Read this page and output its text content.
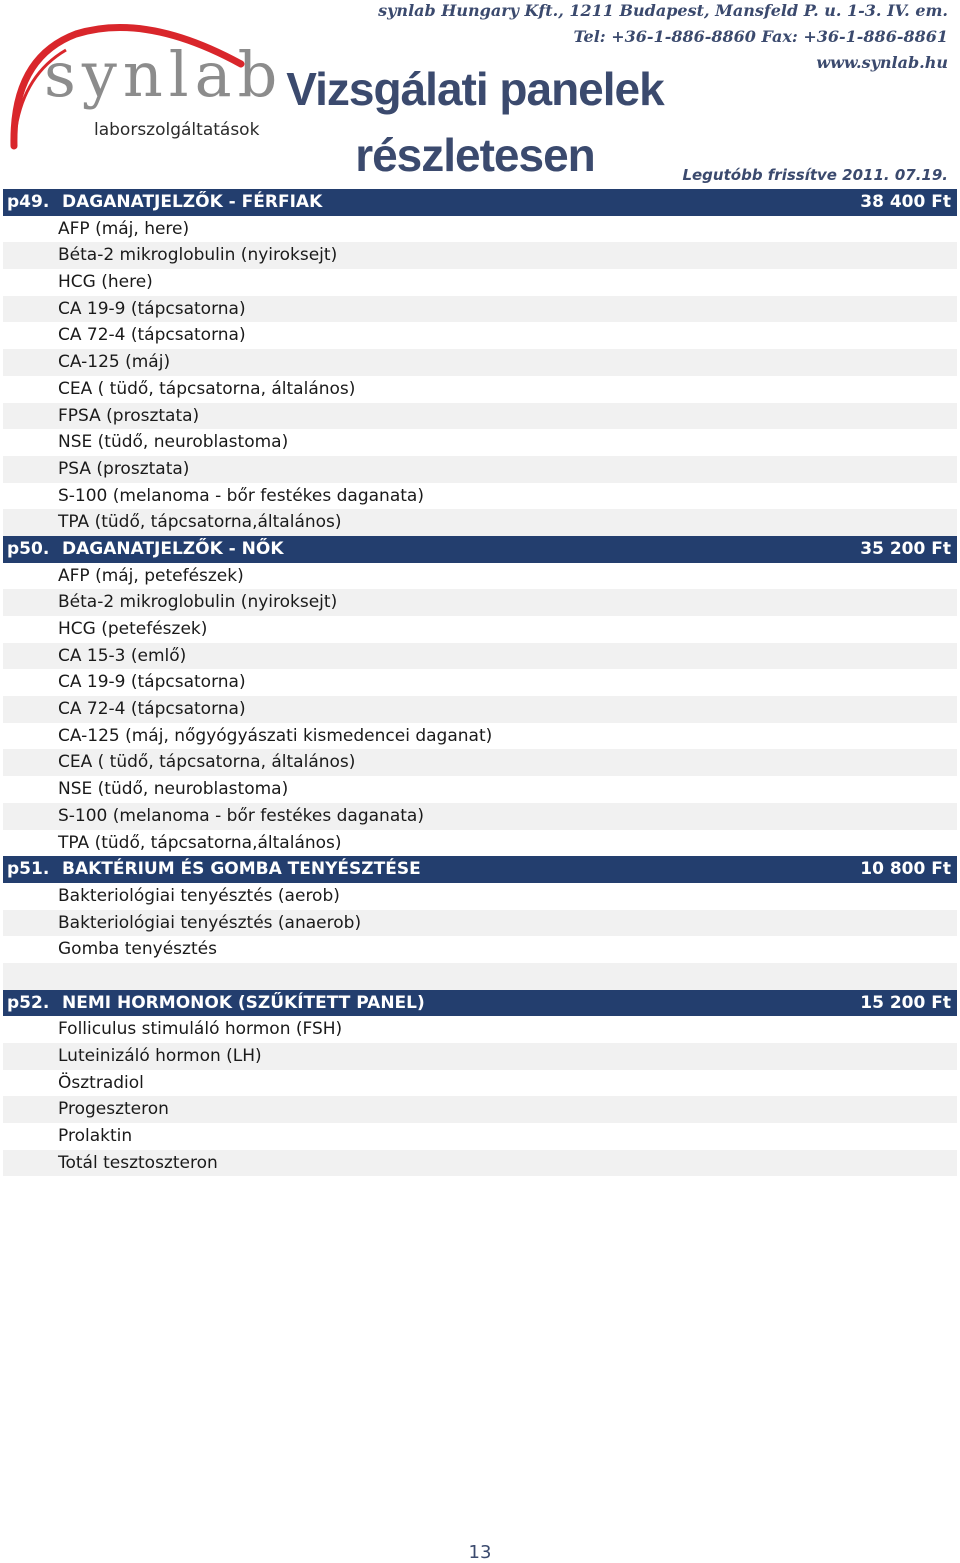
synlab
laborszolgáltatások
Vizsgálati panelek
részletesen
synlab Hungary Kft., 1211 Budapest, Mansfeld P. u. 1-3. IV. em.
Tel: +36-1-886-8860 Fax: +36-1-886-8861
www.synlab.hu
Legutóbb frissítve 2011. 07.19.
p49. DAGANATJELZŐK - FÉRFIAK	38 400 Ft
AFP (máj, here)
Béta-2 mikroglobulin (nyiroksejt)
HCG (here)
CA 19-9 (tápcsatorna)
CA 72-4 (tápcsatorna)
CA-125 (máj)
CEA ( tüdő, tápcsatorna, általános)
FPSA (prosztata)
NSE (tüdő, neuroblastoma)
PSA (prosztata)
S-100 (melanoma - bőr festékes daganata)
TPA (tüdő, tápcsatorna,általános)
p50. DAGANATJELZŐK - NŐK	35 200 Ft
AFP (máj, petefészek)
Béta-2 mikroglobulin (nyiroksejt)
HCG (petefészek)
CA 15-3 (emlő)
CA 19-9 (tápcsatorna)
CA 72-4 (tápcsatorna)
CA-125 (máj, nőgyógyászati kismedencei daganat)
CEA ( tüdő, tápcsatorna, általános)
NSE (tüdő, neuroblastoma)
S-100 (melanoma - bőr festékes daganata)
TPA (tüdő, tápcsatorna,általános)
p51. BAKTÉRIUM ÉS GOMBA TENYÉSZTÉSE	10 800 Ft
Bakteriológiai tenyésztés (aerob)
Bakteriológiai tenyésztés (anaerob)
Gomba tenyésztés
p52. NEMI HORMONOK (SZŰKÍTETT PANEL)	15 200 Ft
Folliculus stimuláló hormon (FSH)
Luteinizáló hormon (LH)
Ösztradiol
Progeszteron
Prolaktin
Totál tesztoszteron
13
